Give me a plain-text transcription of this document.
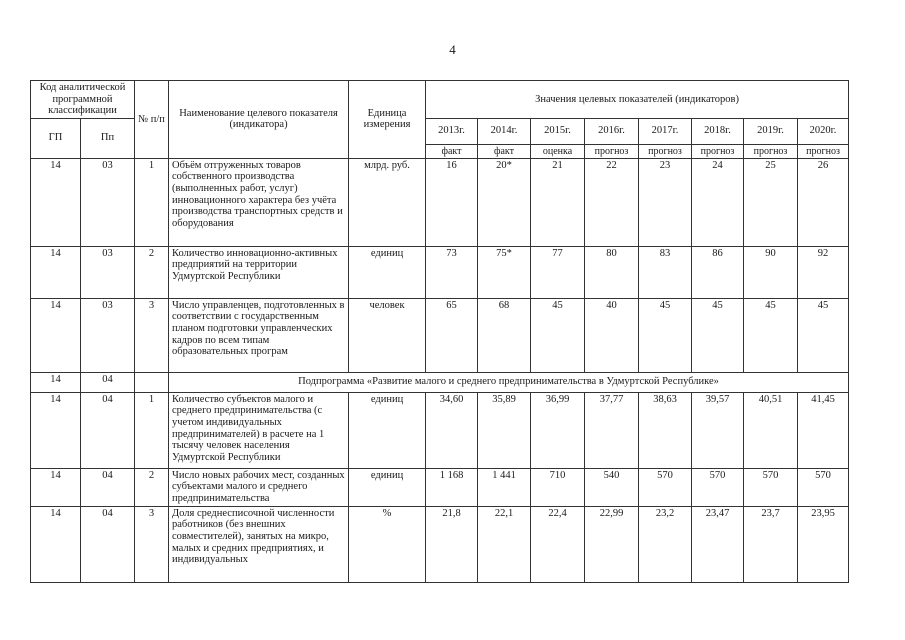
4
Код аналитической программной классификации		№ п/п	Наименование целевого показателя (индикатора)	Единица измерения	Значения целевых показателей (индикаторов)							
ГП	Пп				2013г.	2014г.	2015г.	2016г.	2017г.	2018г.	2019г.	2020г.
					факт	факт	оценка	прогноз	прогноз	прогноз	прогноз	прогноз
14	03	1	Объём отгруженных товаров собственного производства (выполненных работ, услуг) инновационного характера без учёта производства транспортных средств и оборудования	млрд. руб.	16	20*	21	22	23	24	25	26
14	03	2	Количество инновационно-активных предприятий на территории Удмуртской Республики	единиц	73	75*	77	80	83	86	90	92
14	03	3	Число управленцев, подготовленных в соответствии с государственным планом подготовки управленческих кадров по всем типам образовательных програм	человек	65	68	45	40	45	45	45	45
14	04		Подпрограмма «Развитие малого и среднего предпринимательства в Удмуртской Республике»									
14	04	1	Количество субъектов малого и среднего предпринимательства (с учетом индивидуальных предпринимателей) в расчете на 1 тысячу человек населения Удмуртской Республики	единиц	34,60	35,89	36,99	37,77	38,63	39,57	40,51	41,45
14	04	2	Число новых рабочих мест, созданных субъектами малого и среднего предпринимательства	единиц	1 168	1 441	710	540	570	570	570	570
14	04	3	Доля среднесписочной численности работников (без внешних совместителей), занятых на микро, малых и средних предприятиях, и индивидуальных	%	21,8	22,1	22,4	22,99	23,2	23,47	23,7	23,95
